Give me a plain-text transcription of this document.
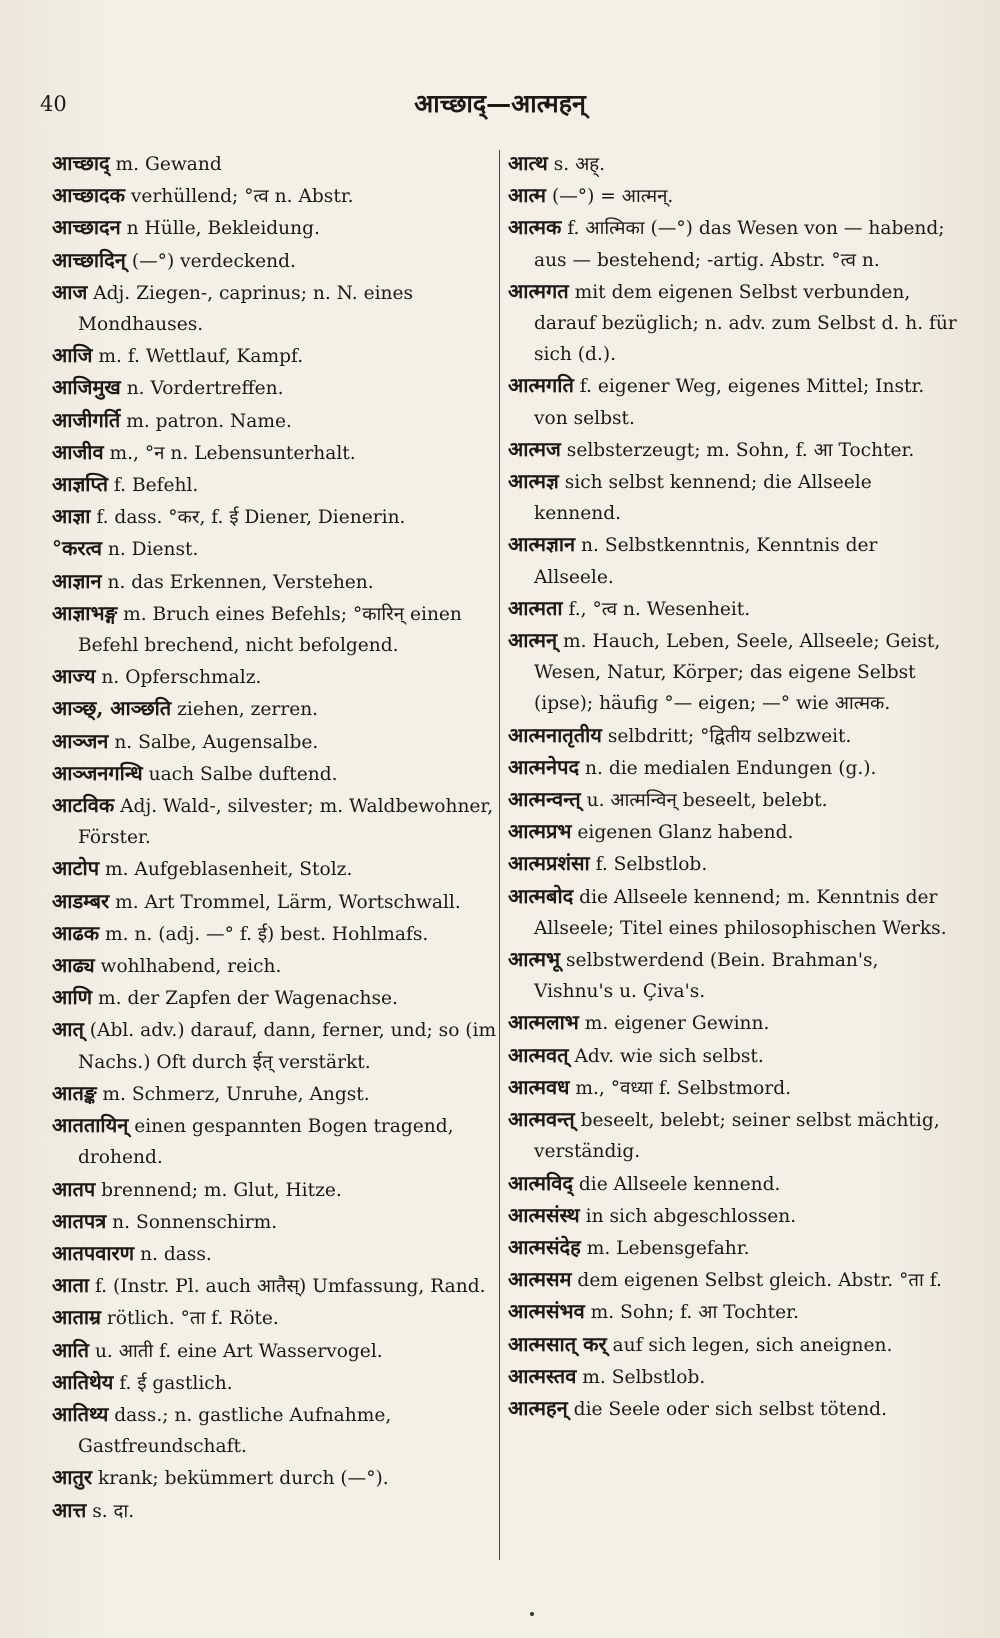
40	आच्छाद्—आत्महन्

आच्छाद् m. Gewand

आच्छादक verhüllend; °त्व n. Abstr.

आच्छादन n Hülle, Bekleidung.

आच्छादिन् (—°) verdeckend.

आज Adj. Ziegen-, caprinus; n. N. eines Mondhauses.

आजि m. f. Wettlauf, Kampf.

आजिमुख n. Vordertreffen.

आजीगर्ति m. patron. Name.

आजीव m., °न n. Lebensunterhalt.

आज्ञप्ति f. Befehl.

आज्ञा f. dass. °कर, f. ई Diener, Dienerin.

°करत्व n. Dienst.

आज्ञान n. das Erkennen, Verstehen.

आज्ञाभङ्ग m. Bruch eines Befehls; °कारिन् einen Befehl brechend, nicht befolgend.

आज्य n. Opferschmalz.

आञ्छ्, आञ्छति ziehen, zerren.

आञ्जन n. Salbe, Augensalbe.

आञ्जनगन्धि uach Salbe duftend.

आटविक Adj. Wald-, silvester; m. Waldbewohner, Förster.

आटोप m. Aufgeblasenheit, Stolz.

आडम्बर m. Art Trommel, Lärm, Wortschwall.

आढक m. n. (adj. —° f. ई) best. Hohlmafs.

आढ्य wohlhabend, reich.

आणि m. der Zapfen der Wagenachse.

आत् (Abl. adv.) darauf, dann, ferner, und; so (im Nachs.) Oft durch ईत् verstärkt.

आतङ्क m. Schmerz, Unruhe, Angst.

आततायिन् einen gespannten Bogen tragend, drohend.

आतप brennend; m. Glut, Hitze.

आतपत्र n. Sonnenschirm.

आतपवारण n. dass.

आता f. (Instr. Pl. auch आतैस्) Umfassung, Rand.

आताम्र rötlich. °ता f. Röte.

आति u. आती f. eine Art Wasservogel.

आतिथेय f. ई gastlich.

आतिथ्य dass.; n. gastliche Aufnahme, Gastfreundschaft.

आतुर krank; bekümmert durch (—°).

आत्त s. दा.

आत्थ s. अह्.

आत्म (—°) = आत्मन्.

आत्मक f. आत्मिका (—°) das Wesen von — habend; aus — bestehend; -artig. Abstr. °त्व n.

आत्मगत mit dem eigenen Selbst verbunden, darauf bezüglich; n. adv. zum Selbst d. h. für sich (d.).

आत्मगति f. eigener Weg, eigenes Mittel; Instr. von selbst.

आत्मज selbsterzeugt; m. Sohn, f. आ Tochter.

आत्मज्ञ sich selbst kennend; die Allseele kennend.

आत्मज्ञान n. Selbstkenntnis, Kenntnis der Allseele.

आत्मता f., °त्व n. Wesenheit.

आत्मन् m. Hauch, Leben, Seele, Allseele; Geist, Wesen, Natur, Körper; das eigene Selbst (ipse); häufig °— eigen; —° wie आत्मक.

आत्मनातृतीय selbdritt; °द्वितीय selbzweit.

आत्मनेपद n. die medialen Endungen (g.).

आत्मन्वन्त् u. आत्मन्विन् beseelt, belebt.

आत्मप्रभ eigenen Glanz habend.

आत्मप्रशंसा f. Selbstlob.

आत्मबोद die Allseele kennend; m. Kenntnis der Allseele; Titel eines philosophischen Werks.

आत्मभू selbstwerdend (Bein. Brahman's, Vishnu's u. Çiva's.

आत्मलाभ m. eigener Gewinn.

आत्मवत् Adv. wie sich selbst.

आत्मवध m., °वध्या f. Selbstmord.

आत्मवन्त् beseelt, belebt; seiner selbst mächtig, verständig.

आत्मविद् die Allseele kennend.

आत्मसंस्थ in sich abgeschlossen.

आत्मसंदेह m. Lebensgefahr.

आत्मसम dem eigenen Selbst gleich. Abstr. °ता f.

आत्मसंभव m. Sohn; f. आ Tochter.

आत्मसात् कर् auf sich legen, sich aneignen.

आत्मस्तव m. Selbstlob.

आत्महन् die Seele oder sich selbst tötend.
